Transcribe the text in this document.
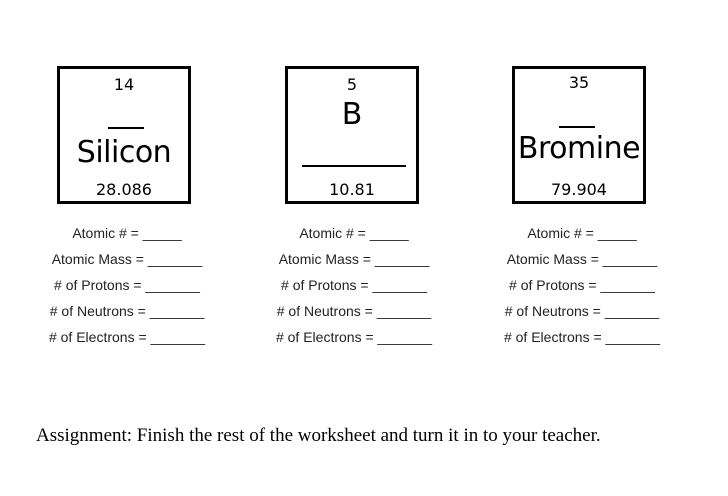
14
Silicon
28.086
5
B
10.81
35
Bromine
79.904
Atomic # = _____
Atomic Mass = _______
# of Protons = _______
# of Neutrons = _______
# of Electrons = _______
Atomic # = _____
Atomic Mass = _______
# of Protons = _______
# of Neutrons = _______
# of Electrons = _______
Atomic # = _____
Atomic Mass = _______
# of Protons = _______
# of Neutrons = _______
# of Electrons = _______
Assignment: Finish the rest of the worksheet and turn it in to your teacher.
